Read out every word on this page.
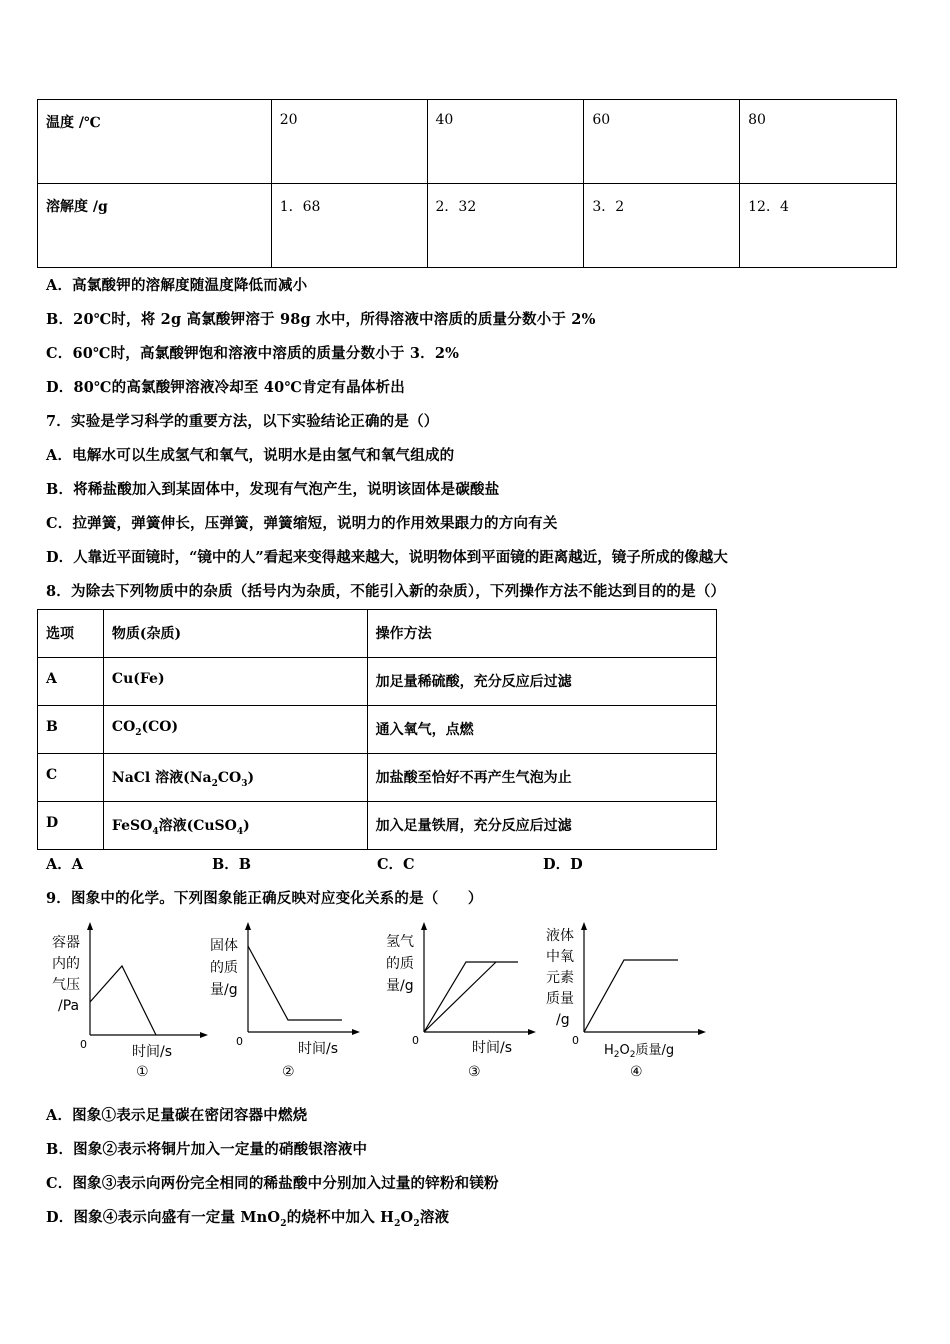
温度 /℃	20	40	60	80
溶解度 /g	1．68	2．32	3．2	12．4
A．高氯酸钾的溶解度随温度降低而减小
B．20℃时，将 2g 高氯酸钾溶于 98g 水中，所得溶液中溶质的质量分数小于 2%
C．60℃时，高氯酸钾饱和溶液中溶质的质量分数小于 3．2%
D．80℃的高氯酸钾溶液冷却至 40℃肯定有晶体析出
7．实验是学习科学的重要方法，以下实验结论正确的是（）
A．电解水可以生成氢气和氧气，说明水是由氢气和氧气组成的
B．将稀盐酸加入到某固体中，发现有气泡产生，说明该固体是碳酸盐
C．拉弹簧，弹簧伸长，压弹簧，弹簧缩短，说明力的作用效果跟力的方向有关
D．人靠近平面镜时，“镜中的人”看起来变得越来越大，说明物体到平面镜的距离越近，镜子所成的像越大
8．为除去下列物质中的杂质（括号内为杂质，不能引入新的杂质），下列操作方法不能达到目的的是（）
选项	物质(杂质)	操作方法
A	Cu(Fe)	加足量稀硫酸，充分反应后过滤
B	$CO_2(CO)$	通入氧气，点燃
C	NaCl 溶液$(Na_2CO_3)$	加盐酸至恰好不再产生气泡为止
D	FeSO$_4$溶液(CuSO$_4$)	加入足量铁屑，充分反应后过滤
A．A	B．B	C．C	D．D
9．图象中的化学。下列图象能正确反映对应变化关系的是（　　）
容器
内的
气压
/Pa
0	时间/s
①
固体
的质
量/g
0	时间/s
②
氢气
的质
量/g
0	时间/s
③
液体
中氧
元素
质量
/g
0
$H_2O_2$质量/g
④
A．图象①表示足量碳在密闭容器中燃烧
B．图象②表示将铜片加入一定量的硝酸银溶液中
C．图象③表示向两份完全相同的稀盐酸中分别加入过量的锌粉和镁粉
D．图象④表示向盛有一定量 MnO$_2$的烧杯中加入 $H_2O_2$溶液
